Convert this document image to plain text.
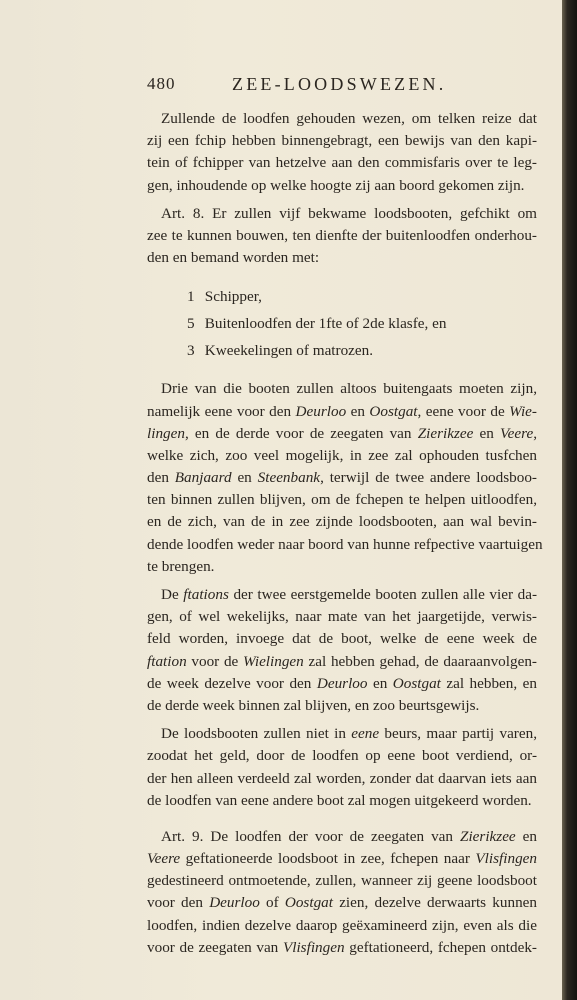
480	ZEE-LOODSWEZEN.
Zullende de loodfen gehouden wezen, om telken reize dat
zij een fchip hebben binnengebragt, een bewijs van den kapi-
tein of fchipper van hetzelve aan den commisfaris over te leg-
gen, inhoudende op welke hoogte zij aan boord gekomen zijn.
Art. 8. Er zullen vijf bekwame loodsbooten, gefchikt om
zee te kunnen bouwen, ten dienfte der buitenloodfen onderhou-
den en bemand worden met:
1 Schipper,
5 Buitenloodfen der 1fte of 2de klasfe, en
3 Kweekelingen of matrozen.
Drie van die booten zullen altoos buitengaats moeten zijn,
namelijk eene voor den Deurloo en Oostgat, eene voor de Wie-
lingen, en de derde voor de zeegaten van Zierikzee en Veere,
welke zich, zoo veel mogelijk, in zee zal ophouden tusfchen
den Banjaard en Steenbank, terwijl de twee andere loodsboo-
ten binnen zullen blijven, om de fchepen te helpen uitloodfen,
en de zich, van de in zee zijnde loodsbooten, aan wal bevin-
dende loodfen weder naar boord van hunne refpective vaartuigen
te brengen.
De ftations der twee eerstgemelde booten zullen alle vier da-
gen, of wel wekelijks, naar mate van het jaargetijde, verwis-
feld worden, invoege dat de boot, welke de eene week de
ftation voor de Wielingen zal hebben gehad, de daaraanvolgen-
de week dezelve voor den Deurloo en Oostgat zal hebben, en
de derde week binnen zal blijven, en zoo beurtsgewijs.
De loodsbooten zullen niet in eene beurs, maar partij varen,
zoodat het geld, door de loodfen op eene boot verdiend, or-
der hen alleen verdeeld zal worden, zonder dat daarvan iets aan
de loodfen van eene andere boot zal mogen uitgekeerd worden.
Art. 9. De loodfen der voor de zeegaten van Zierikzee en
Veere geftationeerde loodsboot in zee, fchepen naar Vlisfingen
gedestineerd ontmoetende, zullen, wanneer zij geene loodsboot
voor den Deurloo of Oostgat zien, dezelve derwaarts kunnen
loodfen, indien dezelve daarop geëxamineerd zijn, even als die
voor de zeegaten van Vlisfingen geftationeerd, fchepen ontdek-
